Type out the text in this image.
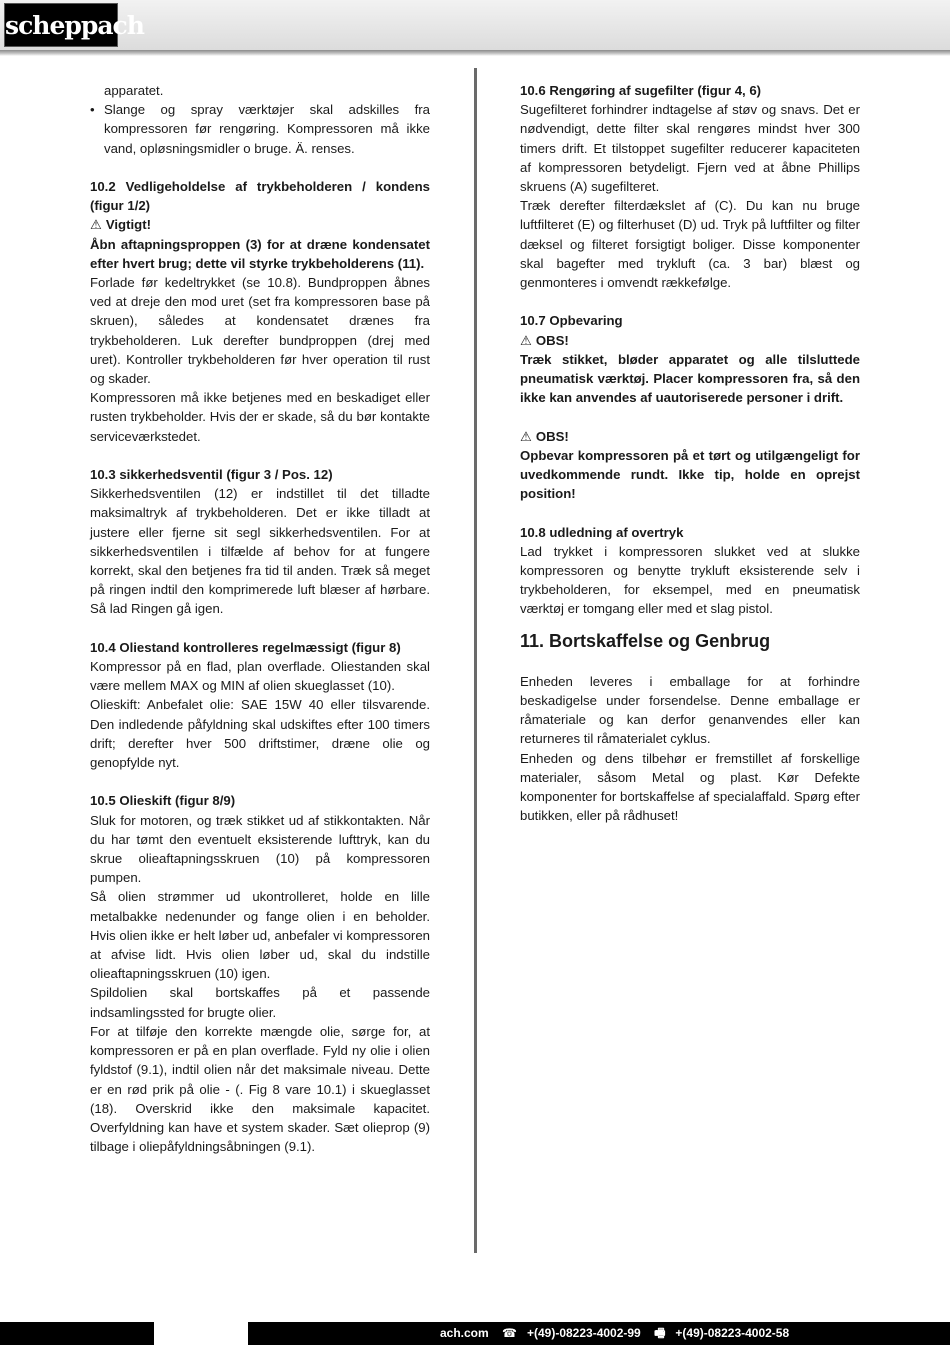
scheppach
apparatet.
• Slange og spray værktøjer skal adskilles fra kompressoren før rengøring. Kompressoren må ikke vand, opløsningsmidler o bruge. Ä. renses.

10.2 Vedligeholdelse af trykbeholderen / kondens (figur 1/2)

⚠ Vigtigt!

Åbn aftapningsproppen (3) for at dræne kondensatet efter hvert brug; dette vil styrke trykbeholderens (11).

Forlade før kedeltrykket (se 10.8). Bundproppen åbnes ved at dreje den mod uret (set fra kompressoren base på skruen), således at kondensatet drænes fra trykbeholderen. Luk derefter bundproppen (drej med uret). Kontroller trykbeholderen før hver operation til rust og skader.

Kompressoren må ikke betjenes med en beskadiget eller rusten trykbeholder. Hvis der er skade, så du bør kontakte serviceværkstedet.

10.3 sikkerhedsventil (figur 3 / Pos. 12)

Sikkerhedsventilen (12) er indstillet til det tilladte maksimaltryk af trykbeholderen. Det er ikke tilladt at justere eller fjerne sit segl sikkerhedsventilen. For at sikkerhedsventilen i tilfælde af behov for at fungere korrekt, skal den betjenes fra tid til anden. Træk så meget på ringen indtil den komprimerede luft blæser af hørbare. Så lad Ringen gå igen.

10.4 Oliestand kontrolleres regelmæssigt (figur 8)

Kompressor på en flad, plan overflade. Oliestanden skal være mellem MAX og MIN af olien skueglasset (10).

Olieskift: Anbefalet olie: SAE 15W 40 eller tilsvarende. Den indledende påfyldning skal udskiftes efter 100 timers drift; derefter hver 500 driftstimer, dræne olie og genopfylde nyt.

10.5 Olieskift (figur 8/9)

Sluk for motoren, og træk stikket ud af stikkontakten. Når du har tømt den eventuelt eksisterende lufttryk, kan du skrue olieaftapningsskruen (10) på kompressoren pumpen.

Så olien strømmer ud ukontrolleret, holde en lille metalbakke nedenunder og fange olien i en beholder. Hvis olien ikke er helt løber ud, anbefaler vi kompressoren at afvise lidt. Hvis olien løber ud, skal du indstille olieaftapningsskruen (10) igen.

Spildolien skal bortskaffes på et passende indsamlingssted for brugte olier.

For at tilføje den korrekte mængde olie, sørge for, at kompressoren er på en plan overflade. Fyld ny olie i olien fyldstof (9.1), indtil olien når det maksimale niveau. Dette er en rød prik på olie - (. Fig 8 vare 10.1) i skueglasset (18). Overskrid ikke den maksimale kapacitet. Overfyldning kan have et system skader. Sæt olieprop (9) tilbage i oliepåfyldningsåbningen (9.1).

10.6 Rengøring af sugefilter (figur 4, 6)

Sugefilteret forhindrer indtagelse af støv og snavs. Det er nødvendigt, dette filter skal rengøres mindst hver 300 timers drift. Et tilstoppet sugefilter reducerer kapaciteten af kompressoren betydeligt. Fjern ved at åbne Phillips skruens (A) sugefilteret.

Træk derefter filterdækslet af (C). Du kan nu bruge luftfilteret (E) og filterhuset (D) ud. Tryk på luftfilter og filter dæksel og filteret forsigtigt boliger. Disse komponenter skal bagefter med trykluft (ca. 3 bar) blæst og genmonteres i omvendt rækkefølge.

10.7 Opbevaring

⚠ OBS!

Træk stikket, bløder apparatet og alle tilsluttede pneumatisk værktøj. Placer kompressoren fra, så den ikke kan anvendes af uautoriserede personer i drift.

⚠ OBS!

Opbevar kompressoren på et tørt og utilgængeligt for uvedkommende rundt. Ikke tip, holde en oprejst position!

10.8 udledning af overtryk

Lad trykket i kompressoren slukket ved at slukke kompressoren og benytte trykluft eksisterende selv i trykbeholderen, for eksempel, med en pneumatisk værktøj er tomgang eller med et slag pistol.

11. Bortskaffelse og Genbrug

Enheden leveres i emballage for at forhindre beskadigelse under forsendelse. Denne emballage er råmateriale og kan derfor genanvendes eller kan returneres til råmaterialet cyklus.

Enheden og dens tilbehør er fremstillet af forskellige materialer, såsom Metal og plast. Kør Defekte komponenter for bortskaffelse af specialaffald. Spørg efter butikken, eller på rådhuset!

ach.com ☎ +(49)-08223-4002-99 🖷 +(49)-08223-4002-58
